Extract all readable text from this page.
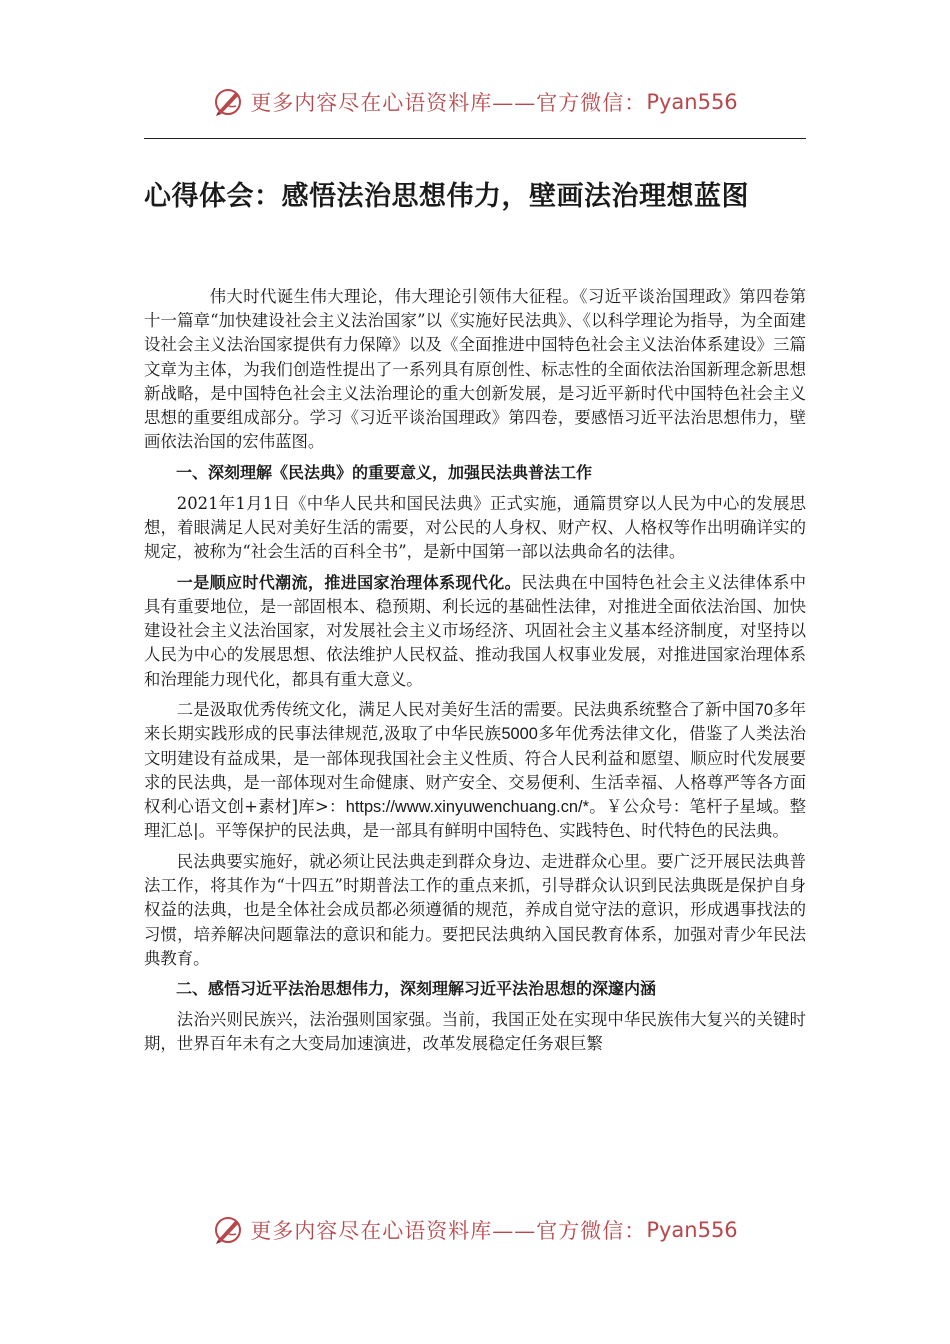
更多内容尽在心语资料库——官方微信： Pyan556
心得体会：感悟法治思想伟力，壁画法治理想蓝图

伟大时代诞生伟大理论，伟大理论引领伟大征程。《习近平谈治国理政》第四卷第十一篇章“加快建设社会主义法治国家”以《实施好民法典》、《以科学理论为指导，为全面建设社会主义法治国家提供有力保障》以及《全面推进中国特色社会主义法治体系建设》三篇文章为主体，为我们创造性提出了一系列具有原创性、标志性的全面依法治国新理念新思想新战略，是中国特色社会主义法治理论的重大创新发展，是习近平新时代中国特色社会主义思想的重要组成部分。学习《习近平谈治国理政》第四卷，要感悟习近平法治思想伟力，壁画依法治国的宏伟蓝图。

一、深刻理解《民法典》的重要意义，加强民法典普法工作

2021年1月1日《中华人民共和国民法典》正式实施，通篇贯穿以人民为中心的发展思想，着眼满足人民对美好生活的需要，对公民的人身权、财产权、人格权等作出明确详实的规定，被称为“社会生活的百科全书”，是新中国第一部以法典命名的法律。

一是顺应时代潮流，推进国家治理体系现代化。民法典在中国特色社会主义法律体系中具有重要地位，是一部固根本、稳预期、利长远的基础性法律，对推进全面依法治国、加快建设社会主义法治国家，对发展社会主义市场经济、巩固社会主义基本经济制度，对坚持以人民为中心的发展思想、依法维护人民权益、推动我国人权事业发展，对推进国家治理体系和治理能力现代化，都具有重大意义。

二是汲取优秀传统文化，满足人民对美好生活的需要。民法典系统整合了新中国70多年来长期实践形成的民事法律规范,汲取了中华民族5000多年优秀法律文化，借鉴了人类法治文明建设有益成果，是一部体现我国社会主义性质、符合人民利益和愿望、顺应时代发展要求的民法典，是一部体现对生命健康、财产安全、交易便利、生活幸福、人格尊严等各方面权利心语文创+素材]库>：https://www.xinyuwenchuang.cn/*。￥公众号：笔杆子星域。整理汇总|。平等保护的民法典，是一部具有鲜明中国特色、实践特色、时代特色的民法典。

民法典要实施好，就必须让民法典走到群众身边、走进群众心里。要广泛开展民法典普法工作，将其作为“十四五”时期普法工作的重点来抓，引导群众认识到民法典既是保护自身权益的法典，也是全体社会成员都必须遵循的规范，养成自觉守法的意识，形成遇事找法的习惯，培养解决问题靠法的意识和能力。要把民法典纳入国民教育体系，加强对青少年民法典教育。

二、感悟习近平法治思想伟力，深刻理解习近平法治思想的深邃内涵

法治兴则民族兴，法治强则国家强。当前，我国正处在实现中华民族伟大复兴的关键时期，世界百年未有之大变局加速演进，改革发展稳定任务艰巨繁

更多内容尽在心语资料库——官方微信： Pyan556
